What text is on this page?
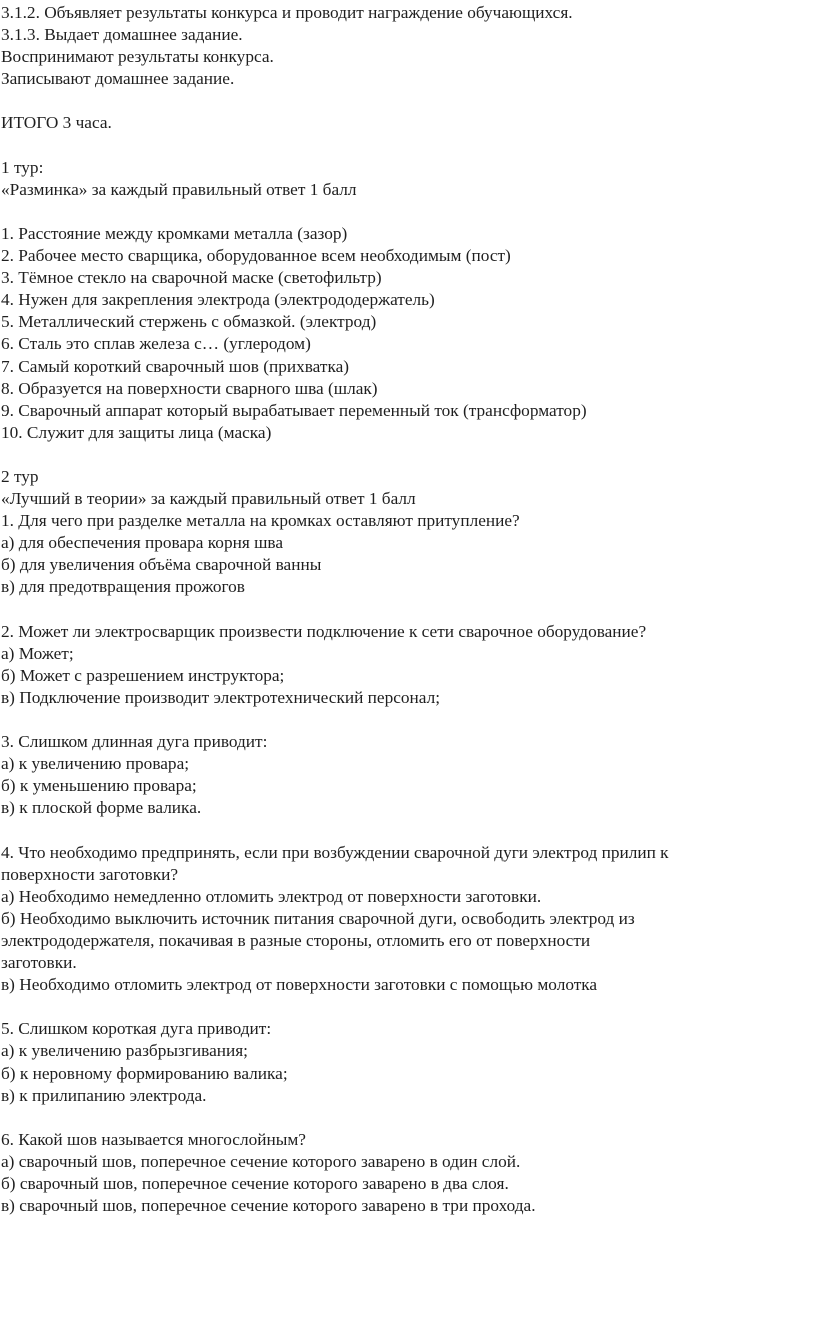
3.1.2. Объявляет результаты конкурса и проводит награждение обучающихся.
3.1.3. Выдает домашнее задание.
Воспринимают результаты конкурса.
Записывают домашнее задание.
ИТОГО 3 часа.
1 тур:
«Разминка» за каждый правильный ответ 1 балл
1. Расстояние между кромками металла (зазор)
2. Рабочее место сварщика, оборудованное всем необходимым (пост)
3. Тёмное стекло на сварочной маске (светофильтр)
4. Нужен для закрепления электрода (электрододержатель)
5. Металлический стержень с обмазкой. (электрод)
6. Сталь это сплав железа с… (углеродом)
7. Самый короткий сварочный шов (прихватка)
8. Образуется на поверхности сварного шва (шлак)
9. Сварочный аппарат который вырабатывает переменный ток (трансформатор)
10. Служит для защиты лица (маска)
2 тур
«Лучший в теории» за каждый правильный ответ 1 балл
1. Для чего при разделке металла на кромках оставляют притупление?
а) для обеспечения провара корня шва
б) для увеличения объёма сварочной ванны
в) для предотвращения прожогов
2. Может ли электросварщик произвести подключение к сети сварочное оборудование?
а) Может;
б) Может с разрешением инструктора;
в) Подключение производит электротехнический персонал;
3. Слишком длинная дуга приводит:
а) к увеличению провара;
б) к уменьшению провара;
в) к плоской форме валика.
4. Что необходимо предпринять, если при возбуждении сварочной дуги электрод прилип к
поверхности заготовки?
а) Необходимо немедленно отломить электрод от поверхности заготовки.
б) Необходимо выключить источник питания сварочной дуги, освободить электрод из
электрододержателя, покачивая в разные стороны, отломить его от поверхности
заготовки.
в) Необходимо отломить электрод от поверхности заготовки с помощью молотка
5. Слишком короткая дуга приводит:
а) к увеличению разбрызгивания;
б) к неровному формированию валика;
в) к прилипанию электрода.
6. Какой шов называется многослойным?
а) сварочный шов, поперечное сечение которого заварено в один слой.
б) сварочный шов, поперечное сечение которого заварено в два слоя.
в) сварочный шов, поперечное сечение которого заварено в три прохода.
